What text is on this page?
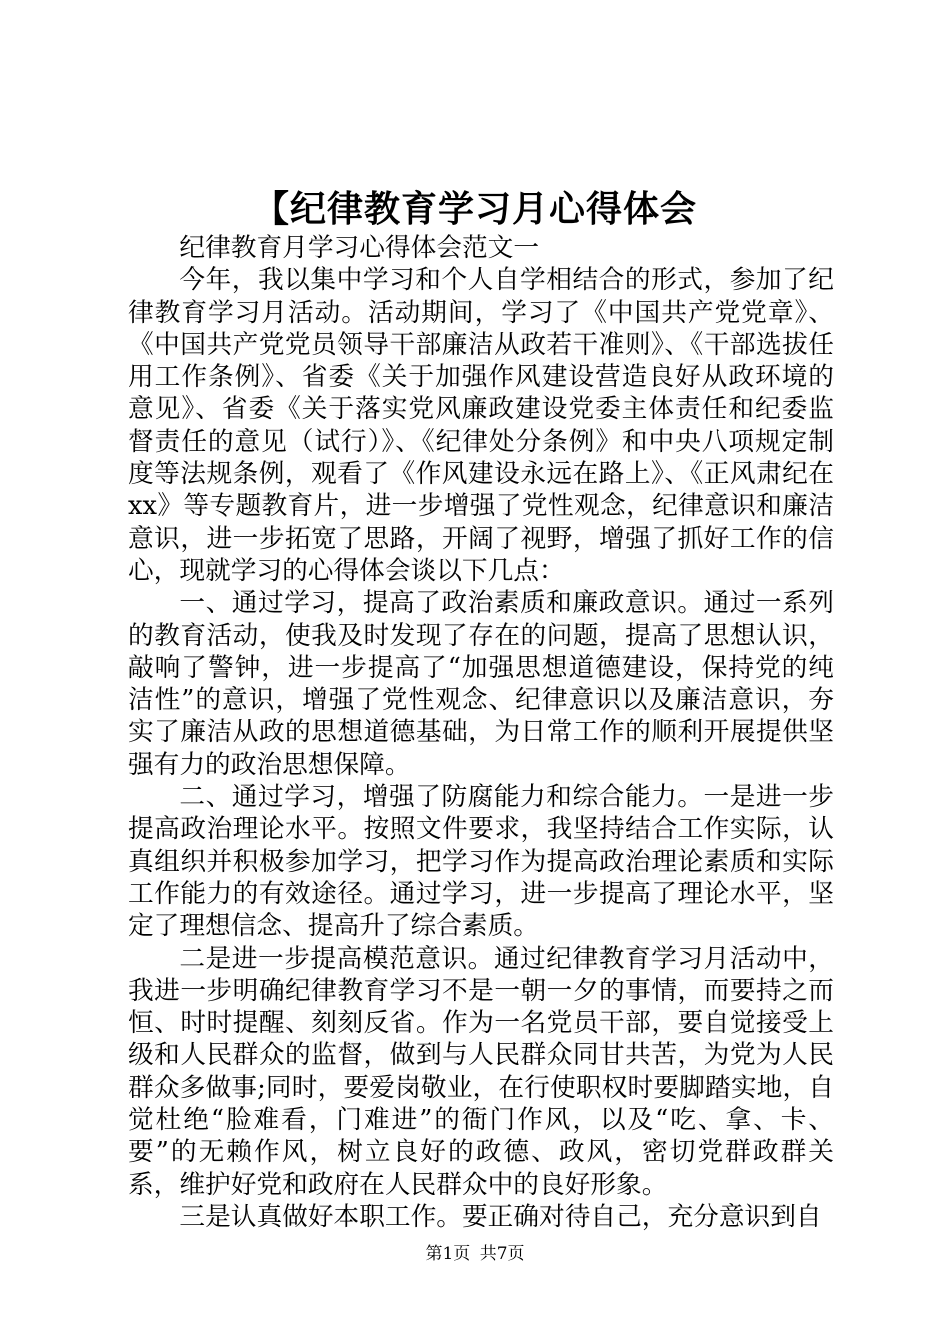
【纪律教育学习月心得体会

纪律教育月学习心得体会范文一

今年，我以集中学习和个人自学相结合的形式，参加了纪律教育学习月活动。活动期间，学习了《中国共产党党章》、《中国共产党党员领导干部廉洁从政若干准则》、《干部选拔任用工作条例》、省委《关于加强作风建设营造良好从政环境的意见》、省委《关于落实党风廉政建设党委主体责任和纪委监督责任的意见（试行）》、《纪律处分条例》和中央八项规定制度等法规条例，观看了《作风建设永远在路上》、《正风肃纪在xx》等专题教育片，进一步增强了党性观念，纪律意识和廉洁意识，进一步拓宽了思路，开阔了视野，增强了抓好工作的信心，现就学习的心得体会谈以下几点：

一、通过学习，提高了政治素质和廉政意识。通过一系列的教育活动，使我及时发现了存在的问题，提高了思想认识，敲响了警钟，进一步提高了“加强思想道德建设，保持党的纯洁性”的意识，增强了党性观念、纪律意识以及廉洁意识，夯实了廉洁从政的思想道德基础，为日常工作的顺利开展提供坚强有力的政治思想保障。

二、通过学习，增强了防腐能力和综合能力。一是进一步提高政治理论水平。按照文件要求，我坚持结合工作实际，认真组织并积极参加学习，把学习作为提高政治理论素质和实际工作能力的有效途径。通过学习，进一步提高了理论水平，坚定了理想信念、提高升了综合素质。

二是进一步提高模范意识。通过纪律教育学习月活动中，我进一步明确纪律教育学习不是一朝一夕的事情，而要持之而恒、时时提醒、刻刻反省。作为一名党员干部，要自觉接受上级和人民群众的监督，做到与人民群众同甘共苦，为党为人民群众多做事;同时，要爱岗敬业，在行使职权时要脚踏实地，自觉杜绝“脸难看，门难进”的衙门作风，以及“吃、拿、卡、要”的无赖作风，树立良好的政德、政风，密切党群政群关系，维护好党和政府在人民群众中的良好形象。

三是认真做好本职工作。要正确对待自己，充分意识到自

第1页 共7页
